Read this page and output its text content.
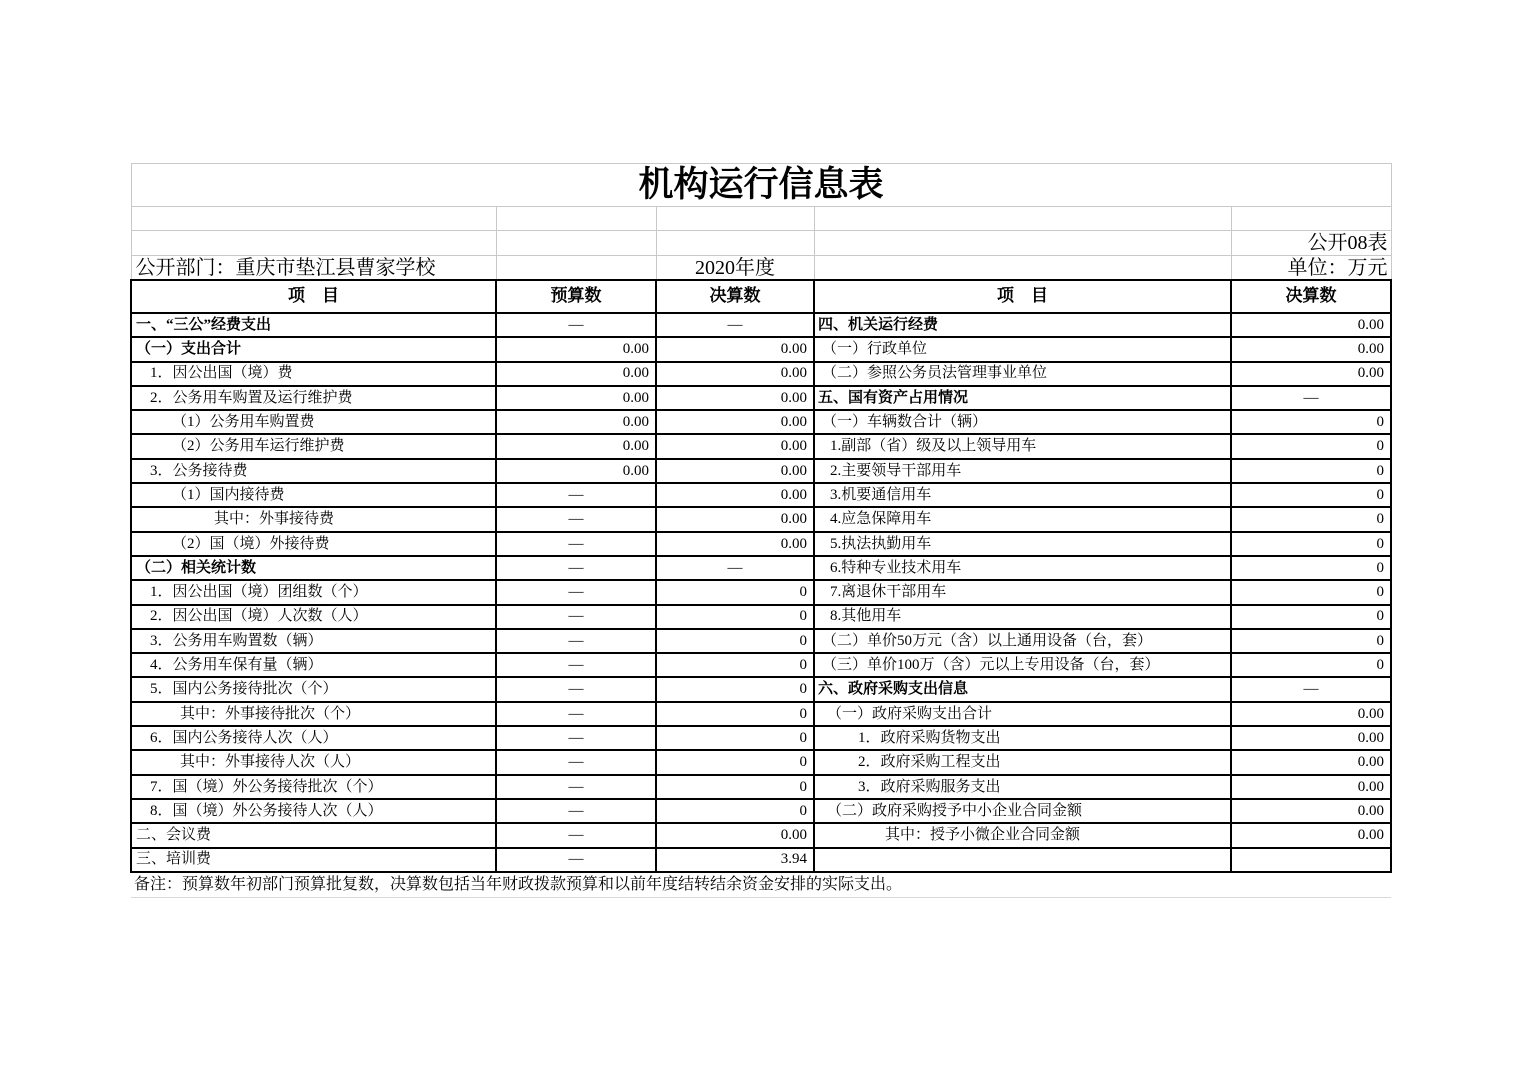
机构运行信息表				

				公开08表
公开部门：重庆市垫江县曹家学校		2020年度		单位：万元
项　目	预算数	决算数	项　目	决算数
一、“三公”经费支出	—	—	四、机关运行经费	0.00
（一）支出合计	0.00	0.00	（一）行政单位	0.00
1．因公出国（境）费	0.00	0.00	（二）参照公务员法管理事业单位	0.00
2．公务用车购置及运行维护费	0.00	0.00	五、国有资产占用情况	—
（1）公务用车购置费	0.00	0.00	（一）车辆数合计（辆）	0
（2）公务用车运行维护费	0.00	0.00	1.副部（省）级及以上领导用车	0
3．公务接待费	0.00	0.00	2.主要领导干部用车	0
（1）国内接待费	—	0.00	3.机要通信用车	0
其中：外事接待费	—	0.00	4.应急保障用车	0
（2）国（境）外接待费	—	0.00	5.执法执勤用车	0
（二）相关统计数	—	—	6.特种专业技术用车	0
1．因公出国（境）团组数（个）	—	0	7.离退休干部用车	0
2．因公出国（境）人次数（人）	—	0	8.其他用车	0
3．公务用车购置数（辆）	—	0	（二）单价50万元（含）以上通用设备（台，套）	0
4．公务用车保有量（辆）	—	0	（三）单价100万（含）元以上专用设备（台，套）	0
5．国内公务接待批次（个）	—	0	六、政府采购支出信息	—
其中：外事接待批次（个）	—	0	（一）政府采购支出合计	0.00
6．国内公务接待人次（人）	—	0	1．政府采购货物支出	0.00
其中：外事接待人次（人）	—	0	2．政府采购工程支出	0.00
7．国（境）外公务接待批次（个）	—	0	3．政府采购服务支出	0.00
8．国（境）外公务接待人次（人）	—	0	（二）政府采购授予中小企业合同金额	0.00
二、会议费	—	0.00	其中：授予小微企业合同金额	0.00
三、培训费	—	3.94		
备注：预算数年初部门预算批复数，决算数包括当年财政拨款预算和以前年度结转结余资金安排的实际支出。				
